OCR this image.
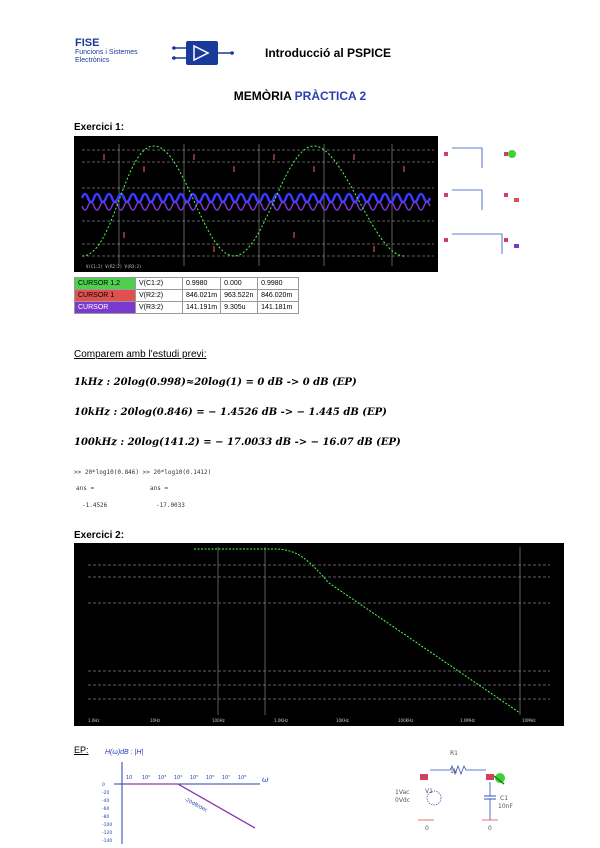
FISE
Funcions i Sistemes
Electrònics
Introducció al PSPICE
MEMÒRIA PRÀCTICA 2
Exercici 1:
V(C1:2) V(R2:2) V(R3:2)
CURSOR 1,2	V(C1:2)	0.9980	0.000	0.9980
CURSOR 1	V(R2:2)	846.021m	963.522n	846.020m
CURSOR	V(R3:2)	141.191m	9.305u	141.181m
Comparem amb l'estudi previ:
1kHz : 20log(0.998)≈20log(1) = 0 dB -> 0 dB (EP)
10kHz : 20log(0.846) = − 1.4526 dB -> − 1.445 dB (EP)
100kHz : 20log(141.2) = − 17.0033 dB -> − 16.07 dB (EP)
>> 20*log10(0.846) >> 20*log10(0.1412)
ans =	ans =
-1.4526	-17.0033
Exercici 2:
1.0Hz	10Hz	100Hz	1.0KHz	10KHz	100KHz	1.0MHz	10MHz
EP: H(ω)dB : |H|
10 10² 10³ 10⁴ 10⁵ 10⁶ 10⁷ 10⁸
0
-20
-40
-60
-80
-100
-120
-140
ω
-20dB/dec
R1
1k
V1
1Vac
0Vdc	C1
10nF
0	0
